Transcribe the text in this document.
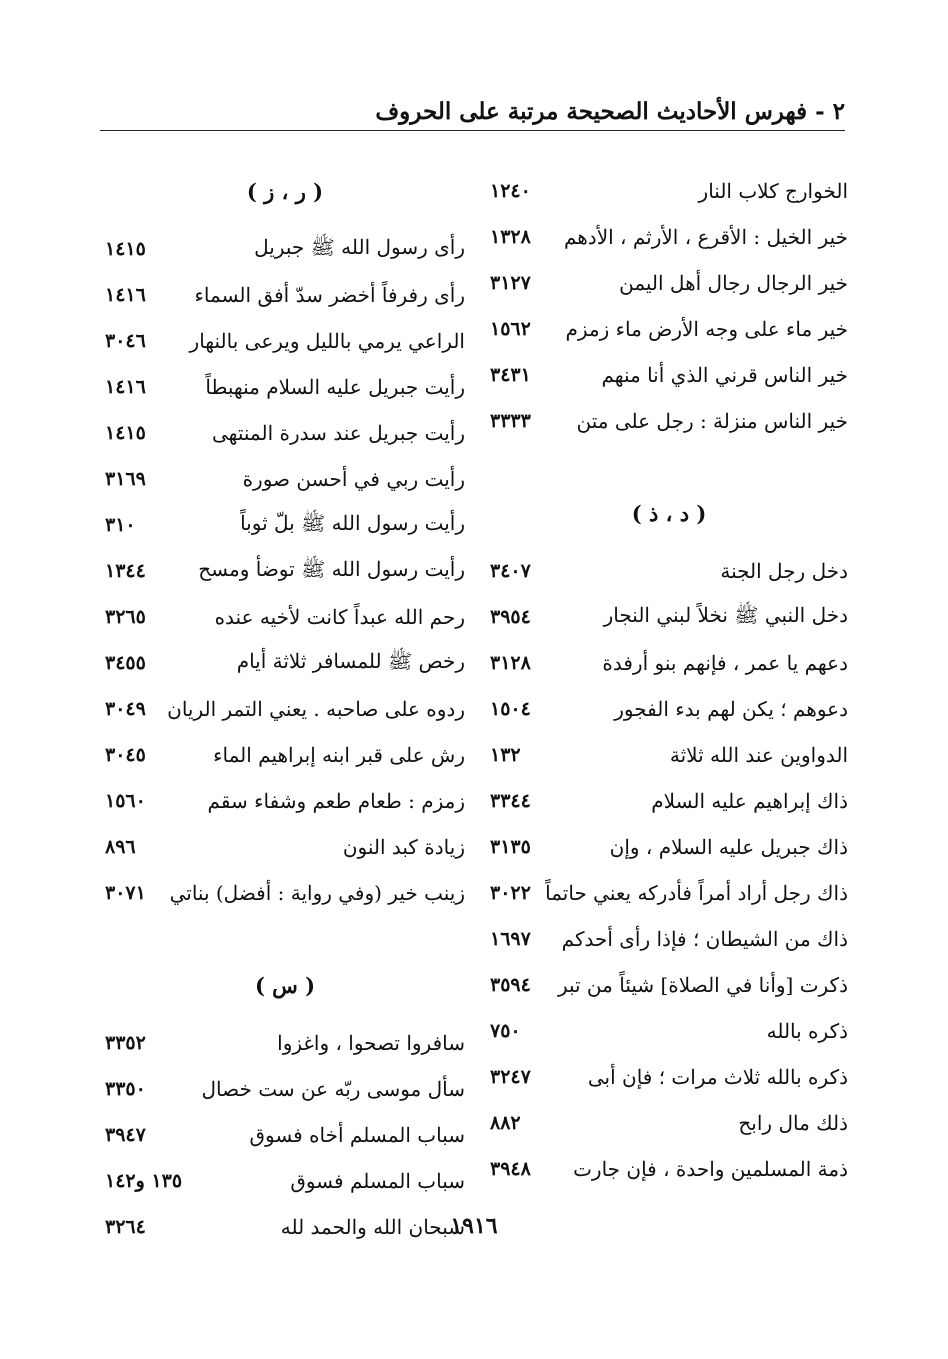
٢ - فهرس الأحاديث الصحيحة مرتبة على الحروف
الخوارج كلاب النار
١٢٤٠
خير الخيل : الأقرع ، الأرثم ، الأدهم
١٣٢٨
خير الرجال رجال أهل اليمن
٣١٢٧
خير ماء على وجه الأرض ماء زمزم
١٥٦٢
خير الناس قرني الذي أنا منهم
٣٤٣١
خير الناس منزلة : رجل على متن
٣٣٣٣
( د ، ذ )
دخل رجل الجنة
٣٤٠٧
دخل النبي ﷺ نخلاً لبني النجار
٣٩٥٤
دعهم يا عمر ، فإنهم بنو أرفدة
٣١٢٨
دعوهم ؛ يكن لهم بدء الفجور
١٥٠٤
الدواوين عند الله ثلاثة
١٣٢
ذاك إبراهيم عليه السلام
٣٣٤٤
ذاك جبريل عليه السلام ، وإن
٣١٣٥
ذاك رجل أراد أمراً فأدركه يعني حاتماً
٣٠٢٢
ذاك من الشيطان ؛ فإذا رأى أحدكم
١٦٩٧
ذكرت [وأنا في الصلاة] شيئاً من تبر
٣٥٩٤
ذكره بالله
٧٥٠
ذكره بالله ثلاث مرات ؛ فإن أبى
٣٢٤٧
ذلك مال رابح
٨٨٢
ذمة المسلمين واحدة ، فإن جارت
٣٩٤٨
( ر ، ز )
رأى رسول الله ﷺ جبريل
١٤١٥
رأى رفرفاً أخضر سدّ أفق السماء
١٤١٦
الراعي يرمي بالليل ويرعى بالنهار
٣٠٤٦
رأيت جبريل عليه السلام منهبطاً
١٤١٦
رأيت جبريل عند سدرة المنتهى
١٤١٥
رأيت ربي في أحسن صورة
٣١٦٩
رأيت رسول الله ﷺ بلّ ثوباً
٣١٠
رأيت رسول الله ﷺ توضأ ومسح
١٣٤٤
رحم الله عبداً كانت لأخيه عنده
٣٢٦٥
رخص ﷺ للمسافر ثلاثة أيام
٣٤٥٥
ردوه على صاحبه . يعني التمر الريان
٣٠٤٩
رش على قبر ابنه إبراهيم الماء
٣٠٤٥
زمزم : طعام طعم وشفاء سقم
١٥٦٠
زيادة كبد النون
٨٩٦
زينب خير (وفي رواية : أفضل) بناتي
٣٠٧١
( س )
سافروا تصحوا ، واغزوا
٣٣٥٢
سأل موسى ربّه عن ست خصال
٣٣٥٠
سباب المسلم أخاه فسوق
٣٩٤٧
سباب المسلم فسوق
١٣٥ و١٤٢
سبحان الله والحمد لله
٣٢٦٤	١٩١٦
